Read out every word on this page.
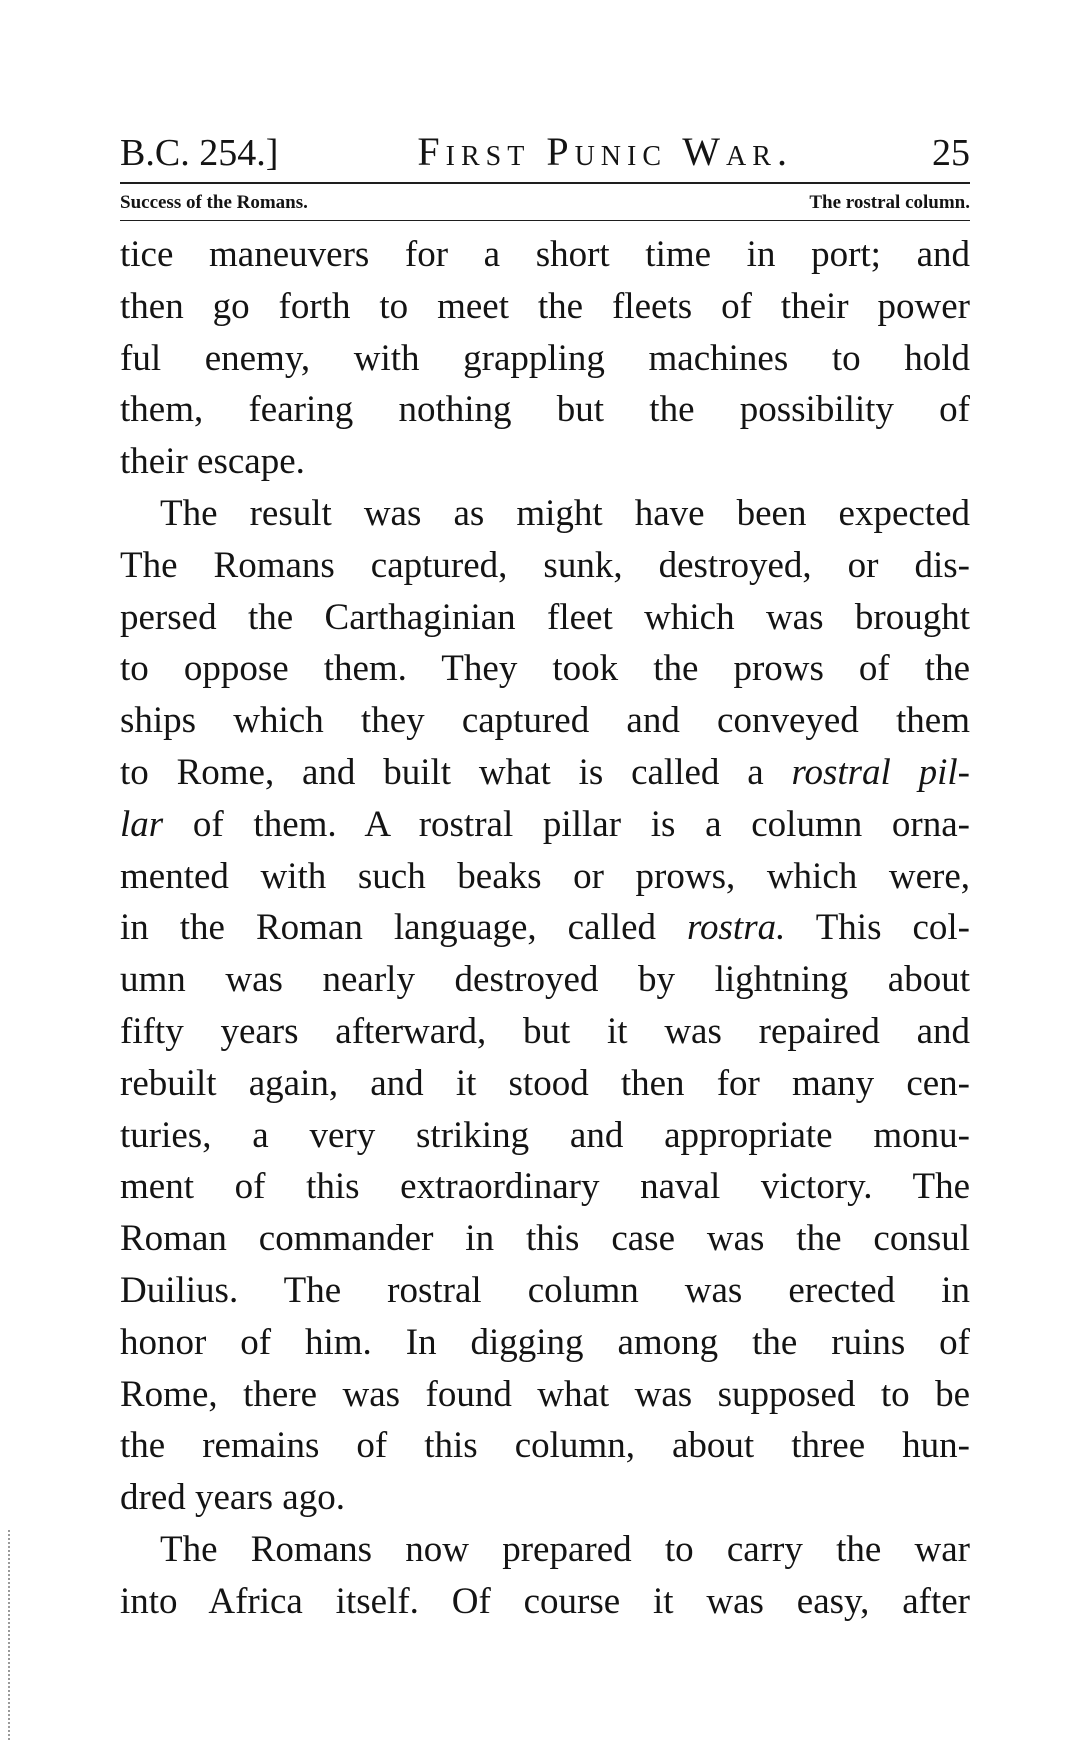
B.C. 254.]	First Punic War.	25
Success of the Romans.	The rostral column.
tice maneuvers for a short time in port; and
then go forth to meet the fleets of their power
ful enemy, with grappling machines to hold
them, fearing nothing but the possibility of
their escape.
The result was as might have been expected
The Romans captured, sunk, destroyed, or dis-
persed the Carthaginian fleet which was brought
to oppose them. They took the prows of the
ships which they captured and conveyed them
to Rome, and built what is called a rostral pil-
lar of them. A rostral pillar is a column orna-
mented with such beaks or prows, which were,
in the Roman language, called rostra. This col-
umn was nearly destroyed by lightning about
fifty years afterward, but it was repaired and
rebuilt again, and it stood then for many cen-
turies, a very striking and appropriate monu-
ment of this extraordinary naval victory. The
Roman commander in this case was the consul
Duilius. The rostral column was erected in
honor of him. In digging among the ruins of
Rome, there was found what was supposed to be
the remains of this column, about three hun-
dred years ago.
The Romans now prepared to carry the war
into Africa itself. Of course it was easy, after
